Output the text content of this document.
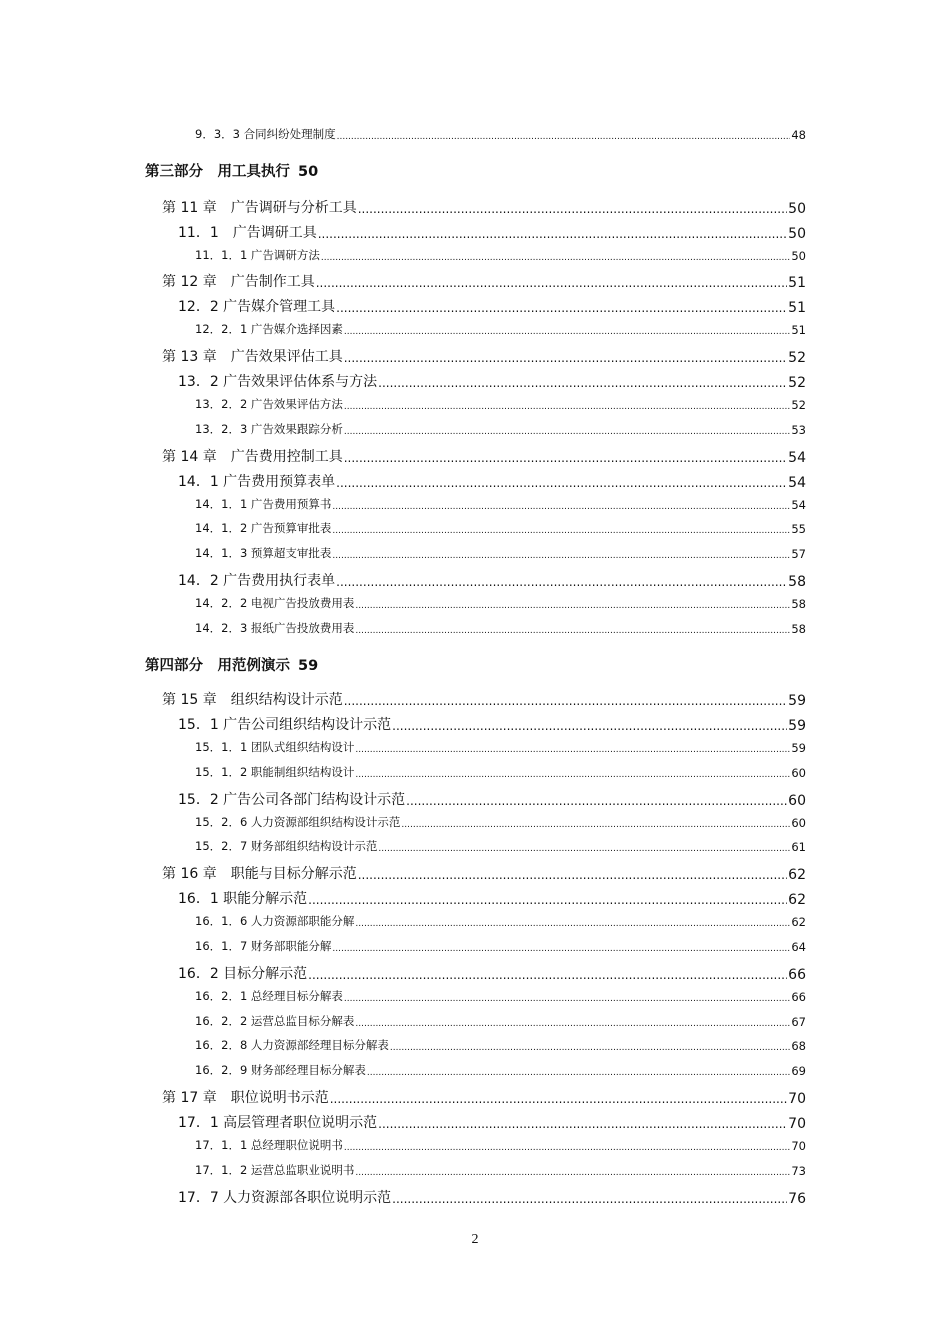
9．3．3 合同纠纷处理制度 .....	48
第三部分　用工具执行 50
第 11 章　广告调研与分析工具 .....	50
11．1　广告调研工具 .....	50
11．1．1 广告调研方法 .....	50
第 12 章　广告制作工具 .....	51
12．2 广告媒介管理工具 .....	51
12．2．1 广告媒介选择因素 .....	51
第 13 章　广告效果评估工具 .....	52
13．2 广告效果评估体系与方法 .....	52
13．2．2 广告效果评估方法 .....	52
13．2．3 广告效果跟踪分析 .....	53
第 14 章　广告费用控制工具 .....	54
14．1 广告费用预算表单 .....	54
14．1．1 广告费用预算书 .....	54
14．1．2 广告预算审批表 .....	55
14．1．3 预算超支审批表 .....	57
14．2 广告费用执行表单 .....	58
14．2．2 电视广告投放费用表 .....	58
14．2．3 报纸广告投放费用表 .....	58
第四部分　用范例演示 59
第 15 章　组织结构设计示范 .....	59
15．1 广告公司组织结构设计示范 .....	59
15．1．1 团队式组织结构设计 .....	59
15．1．2 职能制组织结构设计 .....	60
15．2 广告公司各部门结构设计示范 .....	60
15．2．6 人力资源部组织结构设计示范 .....	60
15．2．7 财务部组织结构设计示范 .....	61
第 16 章　职能与目标分解示范 .....	62
16．1 职能分解示范 .....	62
16．1．6 人力资源部职能分解 .....	62
16．1．7 财务部职能分解 .....	64
16．2 目标分解示范 .....	66
16．2．1 总经理目标分解表 .....	66
16．2．2 运营总监目标分解表 .....	67
16．2．8 人力资源部经理目标分解表 .....	68
16．2．9 财务部经理目标分解表 .....	69
第 17 章　职位说明书示范 .....	70
17．1 高层管理者职位说明示范 .....	70
17．1．1 总经理职位说明书 .....	70
17．1．2 运营总监职业说明书 .....	73
17．7 人力资源部各职位说明示范 .....	76
2
